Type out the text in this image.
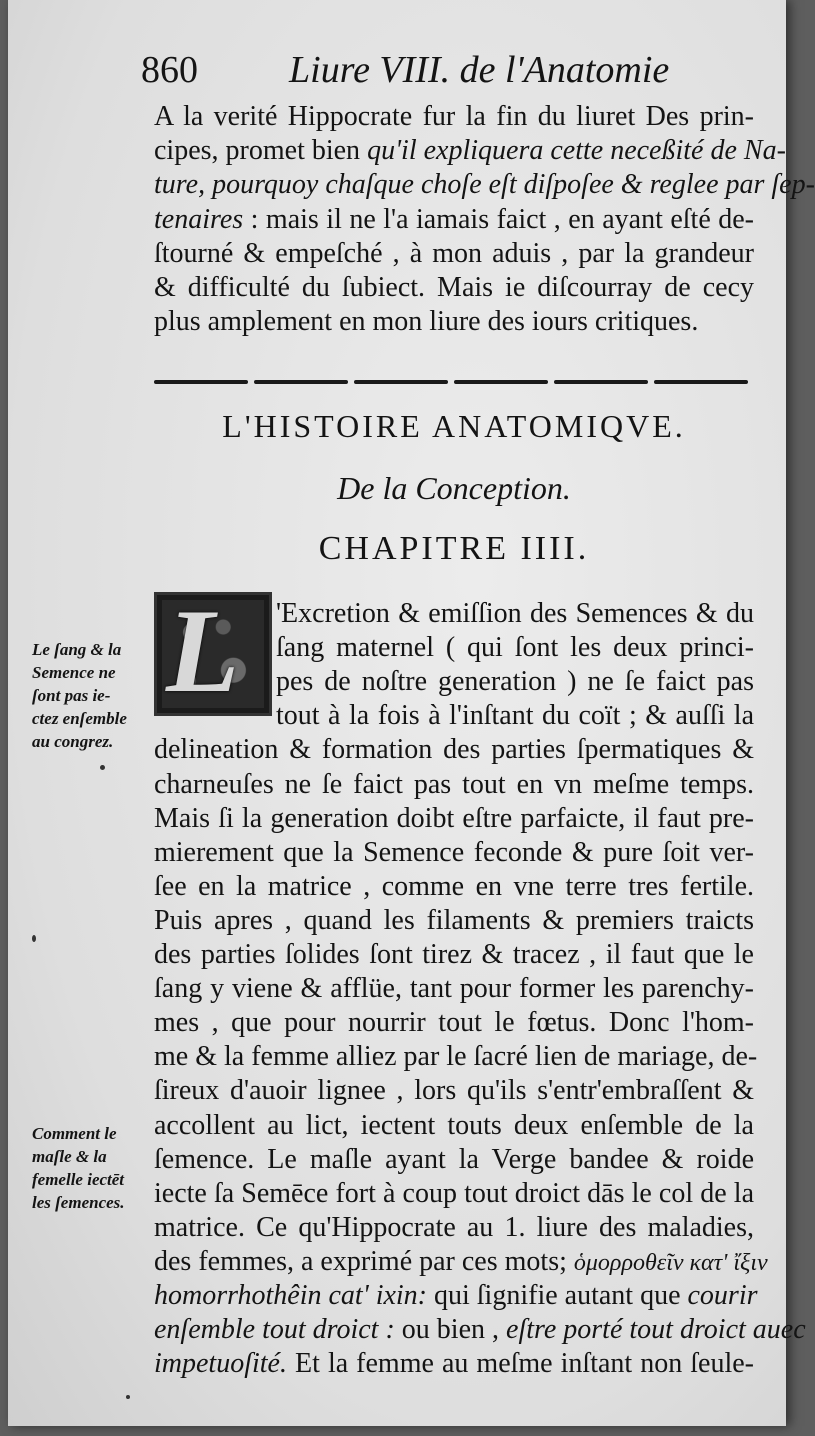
860 Liure VIII. de l'Anatomie
A la verité Hippocrate fur la fin du liuret Des prin-
cipes, promet bien qu'il expliquera cette neceßité de Na-
ture, pourquoy chaſque choſe eſt diſpoſee & reglee par ſep-
tenaires : mais il ne l'a iamais faict , en ayant eſté de-
ſtourné & empeſché , à mon aduis , par la grandeur
& difficulté du ſubiect. Mais ie diſcourray de cecy
plus amplement en mon liure des iours critiques.
L'HISTOIRE ANATOMIQVE.
De la Conception.
CHAPITRE IIII.
L 'Excretion & emiſſion des Semences & du
ſang maternel ( qui ſont les deux princi-
pes de noſtre generation ) ne ſe faict pas
tout à la fois à l'inſtant du coït ; & auſſi la
delineation & formation des parties ſpermatiques &
charneuſes ne ſe faict pas tout en vn meſme temps.
Mais ſi la generation doibt eſtre parfaicte, il faut pre-
mierement que la Semence feconde & pure ſoit ver-
ſee en la matrice , comme en vne terre tres fertile.
Puis apres , quand les filaments & premiers traicts
des parties ſolides ſont tirez & tracez , il faut que le
ſang y viene & afflüe, tant pour former les parenchy-
mes , que pour nourrir tout le fœtus. Donc l'hom-
me & la femme alliez par le ſacré lien de mariage, de-
ſireux d'auoir lignee , lors qu'ils s'entr'embraſſent &
accollent au lict, iectent touts deux enſemble de la
ſemence. Le maſle ayant la Verge bandee & roide
iecte ſa Semēce fort à coup tout droict dās le col de la
matrice. Ce qu'Hippocrate au 1. liure des maladies,
des femmes, a exprimé par ces mots; ὁμορροθεῖν κατ' ἴξιν
homorrhothêin cat' ixin: qui ſignifie autant que courir
enſemble tout droict : ou bien , eſtre porté tout droict auec
impetuoſité. Et la femme au meſme inſtant non ſeule-
Le ſang & la
Semence ne
ſont pas ie-
ctez enſemble
au congrez.
Comment le
maſle & la
femelle iectēt
les ſemences.
